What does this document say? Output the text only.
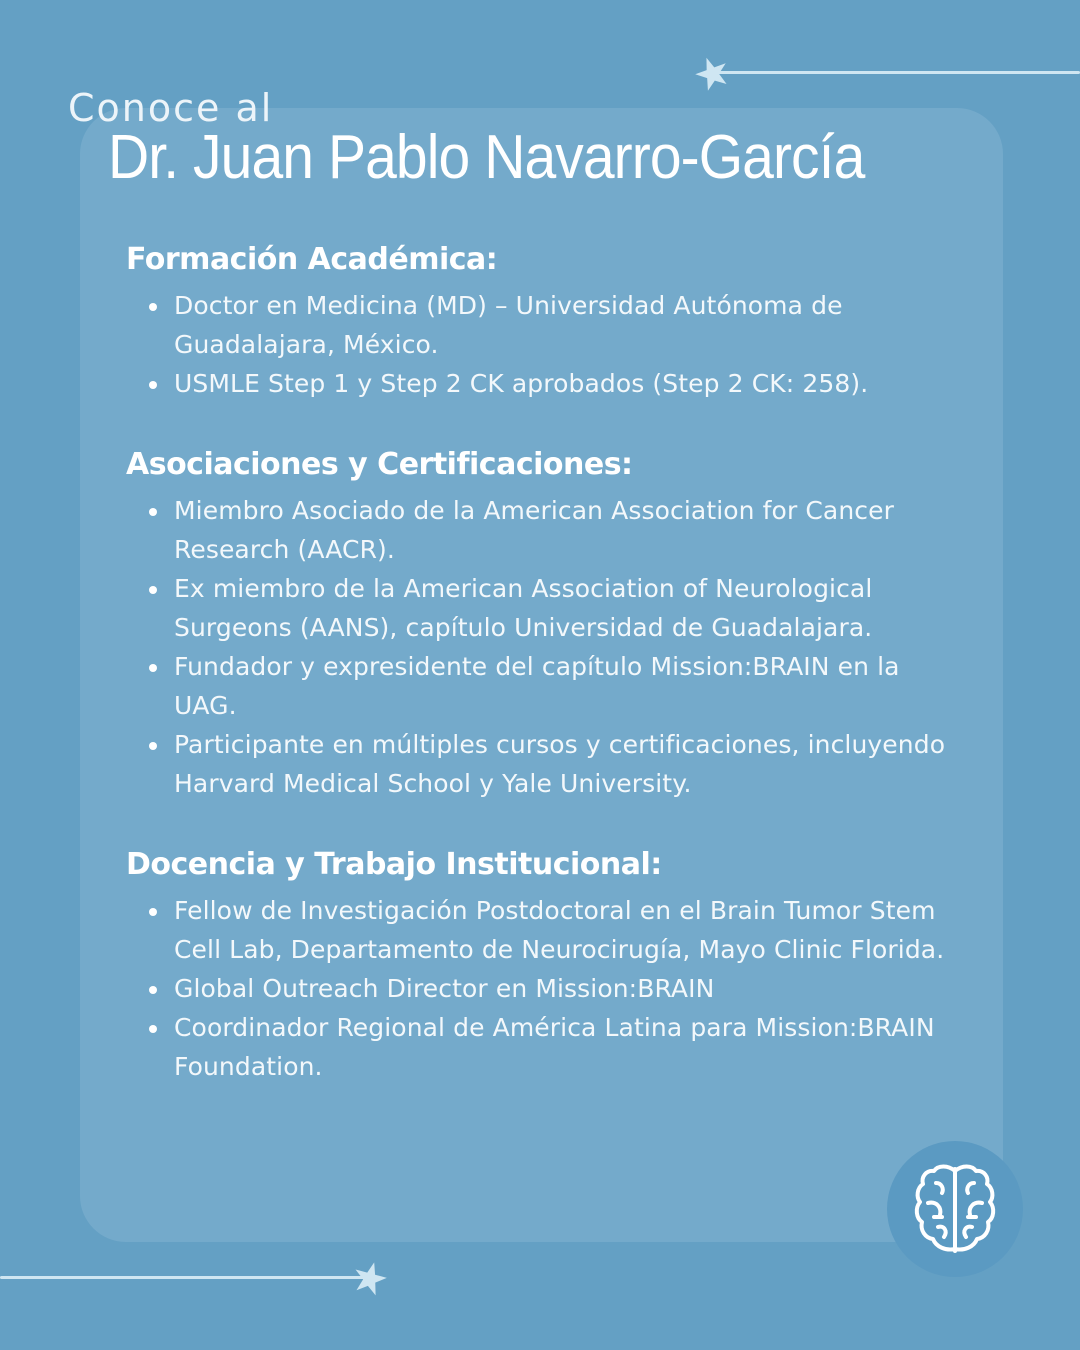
Conoce al
Dr. Juan Pablo Navarro-García
Formación Académica:
Doctor en Medicina (MD) – Universidad Autónoma de Guadalajara, México.
USMLE Step 1 y Step 2 CK aprobados (Step 2 CK: 258).
Asociaciones y Certificaciones:
Miembro Asociado de la American Association for Cancer Research (AACR).
Ex miembro de la American Association of Neurological Surgeons (AANS), capítulo Universidad de Guadalajara.
Fundador y expresidente del capítulo Mission:BRAIN en la UAG.
Participante en múltiples cursos y certificaciones, incluyendo Harvard Medical School y Yale University.
Docencia y Trabajo Institucional:
Fellow de Investigación Postdoctoral en el Brain Tumor Stem Cell Lab, Departamento de Neurocirugía, Mayo Clinic Florida.
Global Outreach Director en Mission:BRAIN
Coordinador Regional de América Latina para Mission:BRAIN Foundation.
